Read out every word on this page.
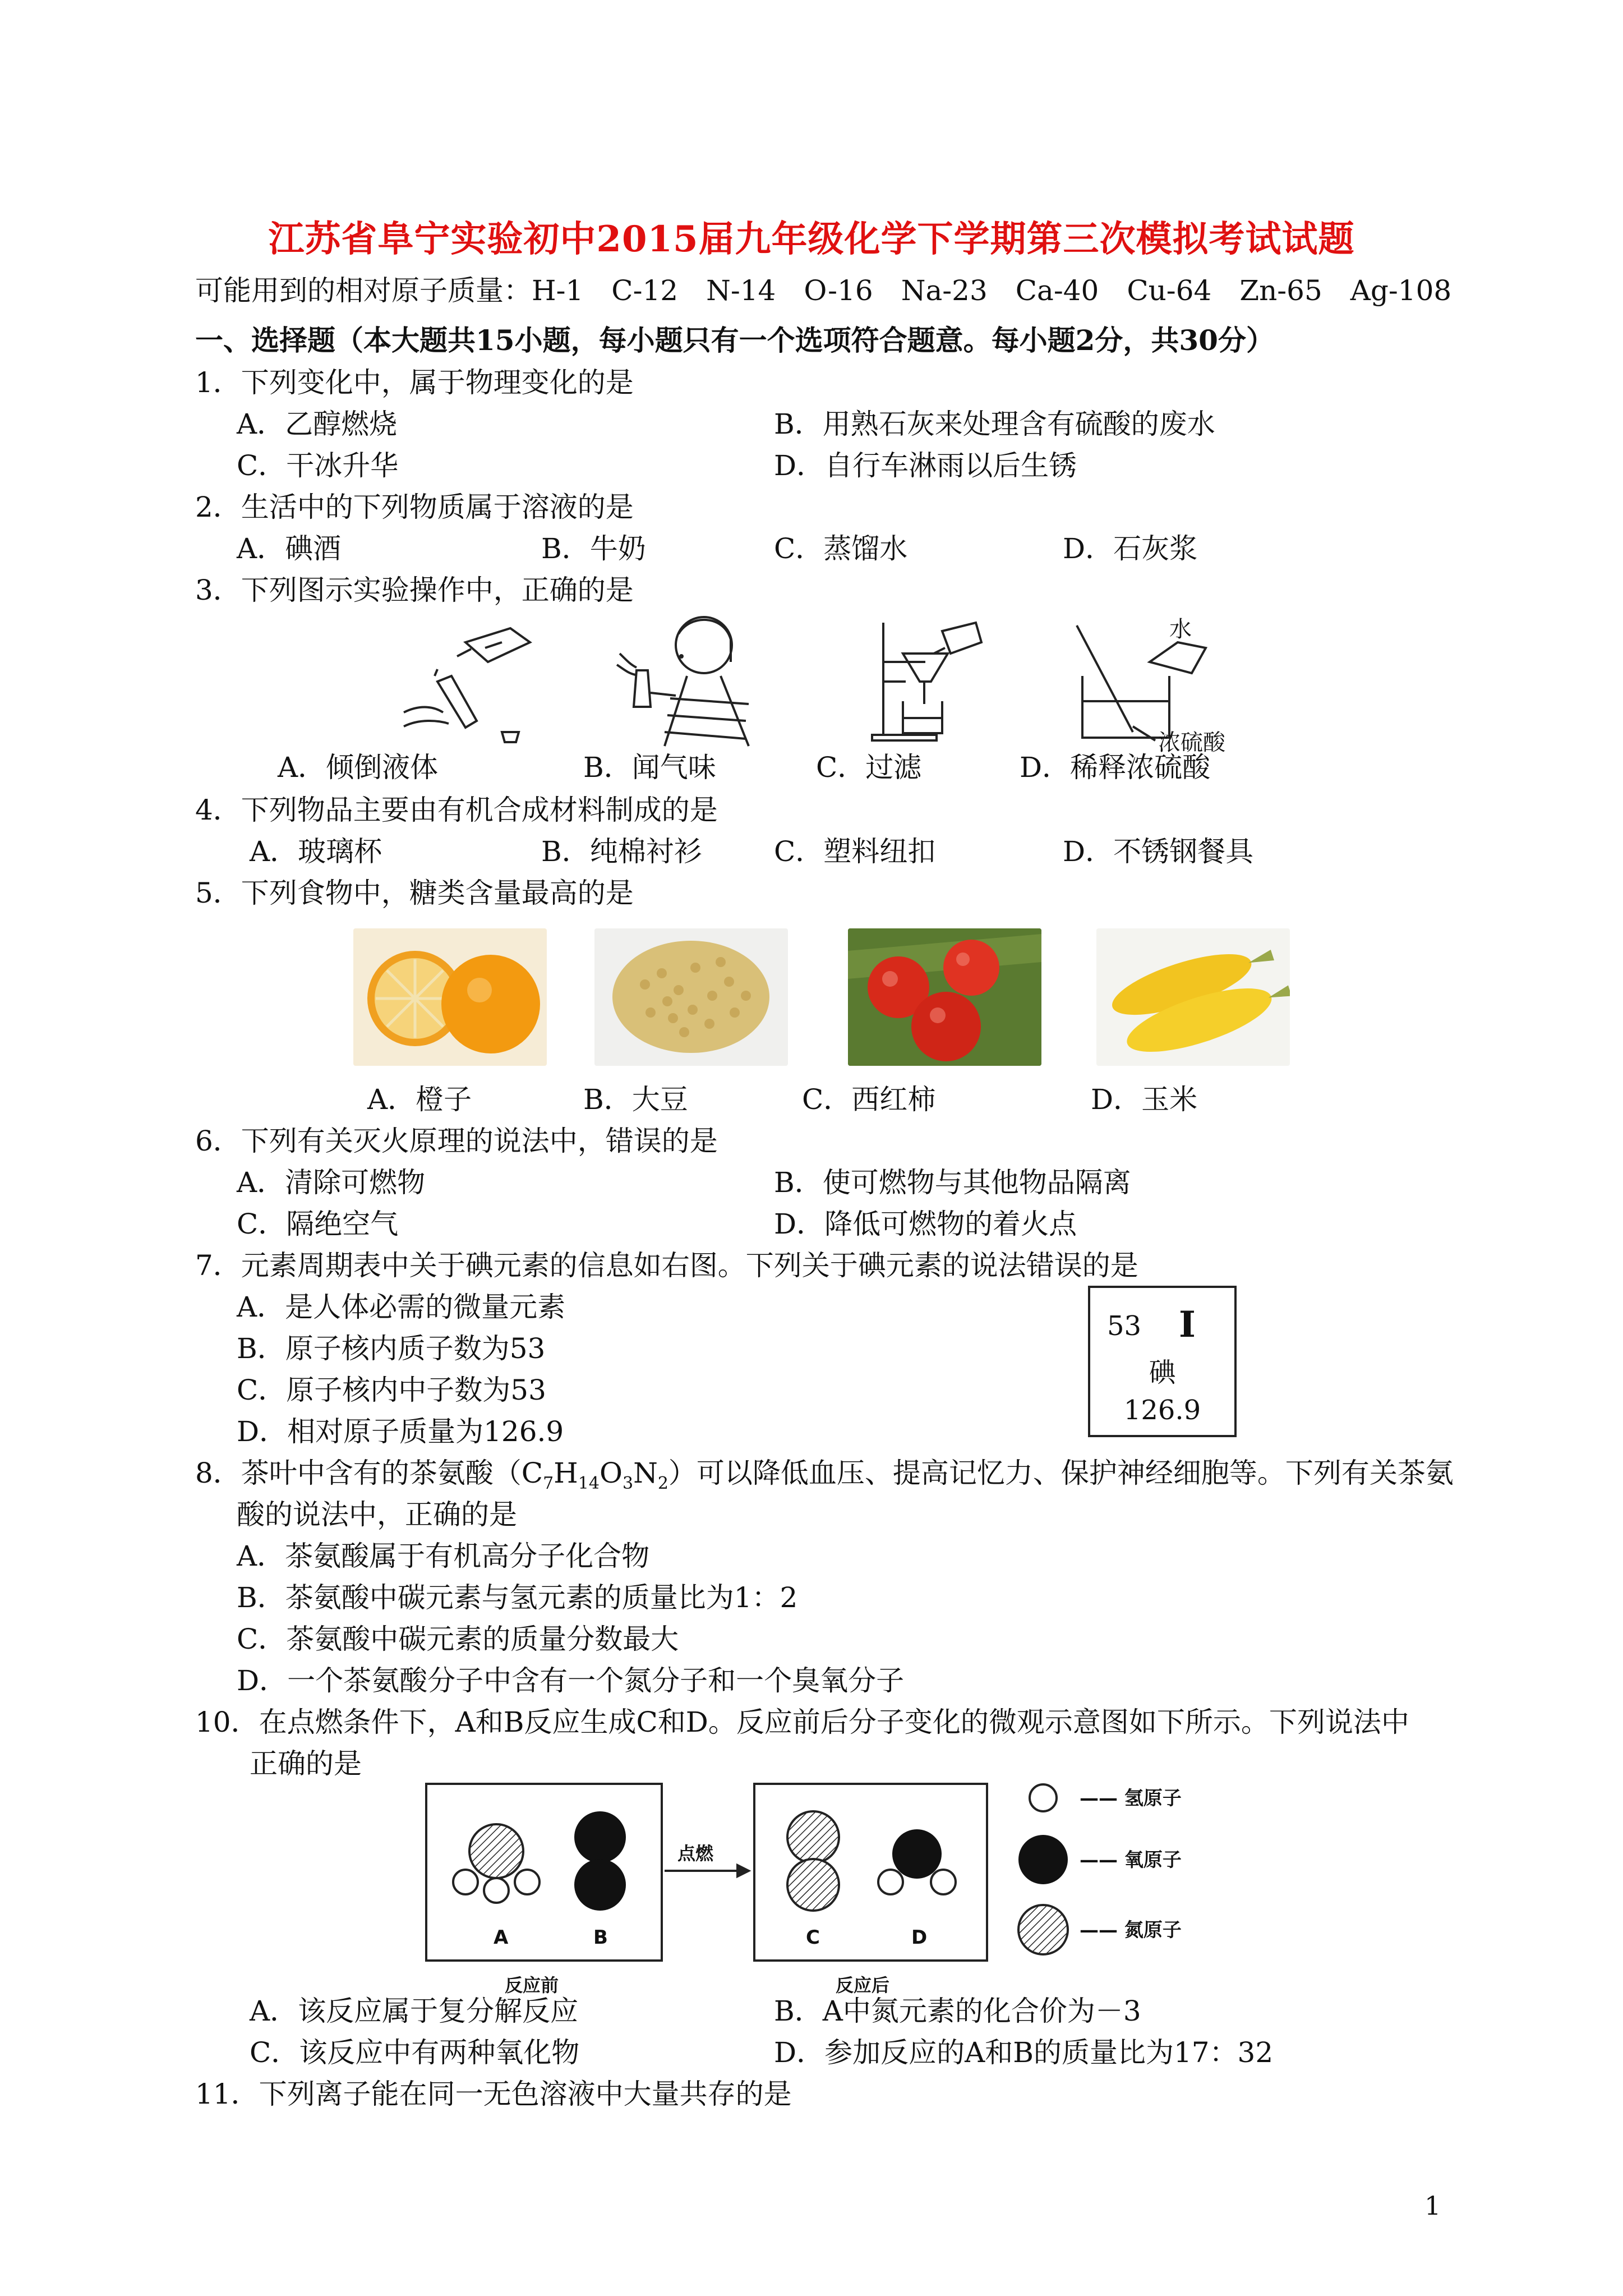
江苏省阜宁实验初中2015届九年级化学下学期第三次模拟考试试题
可能用到的相对原子质量：H-1　C-12　N-14　O-16　Na-23　Ca-40　Cu-64　Zn-65　Ag-108
一、选择题（本大题共15小题，每小题只有一个选项符合题意。每小题2分，共30分）
1．下列变化中，属于物理变化的是
A．乙醇燃烧	B．用熟石灰来处理含有硫酸的废水
C．干冰升华	D．自行车淋雨以后生锈
2．生活中的下列物质属于溶液的是
A．碘酒	B．牛奶	C．蒸馏水	D．石灰浆
3．下列图示实验操作中，正确的是
水
浓硫酸
A．倾倒液体	B．闻气味	C．过滤	D．稀释浓硫酸
4．下列物品主要由有机合成材料制成的是
A．玻璃杯	B．纯棉衬衫	C．塑料纽扣	D．不锈钢餐具
5．下列食物中，糖类含量最高的是
A．橙子	B．大豆	C．西红柿	D．玉米
6．下列有关灭火原理的说法中，错误的是
A．清除可燃物	B．使可燃物与其他物品隔离
C．隔绝空气	D．降低可燃物的着火点
7．元素周期表中关于碘元素的信息如右图。下列关于碘元素的说法错误的是
A．是人体必需的微量元素
B．原子核内质子数为53
C．原子核内中子数为53
D．相对原子质量为126.9
53 I
碘
126.9
8．茶叶中含有的茶氨酸$(C_7H_{14}O_3N_2)$可以降低血压、提高记忆力、保护神经细胞等。下列有关茶氨
酸的说法中，正确的是
A．茶氨酸属于有机高分子化合物
B．茶氨酸中碳元素与氢元素的质量比为1：2
C．茶氨酸中碳元素的质量分数最大
D．一个茶氨酸分子中含有一个氮分子和一个臭氧分子
10．在点燃条件下，A和B反应生成C和D。反应前后分子变化的微观示意图如下所示。下列说法中
正确的是
A	B	C	D
点燃
反应前	反应后
—— 氢原子
—— 氧原子
—— 氮原子
A．该反应属于复分解反应	B．A中氮元素的化合价为－3
C．该反应中有两种氧化物	D．参加反应的A和B的质量比为17：32
11．下列离子能在同一无色溶液中大量共存的是
1
